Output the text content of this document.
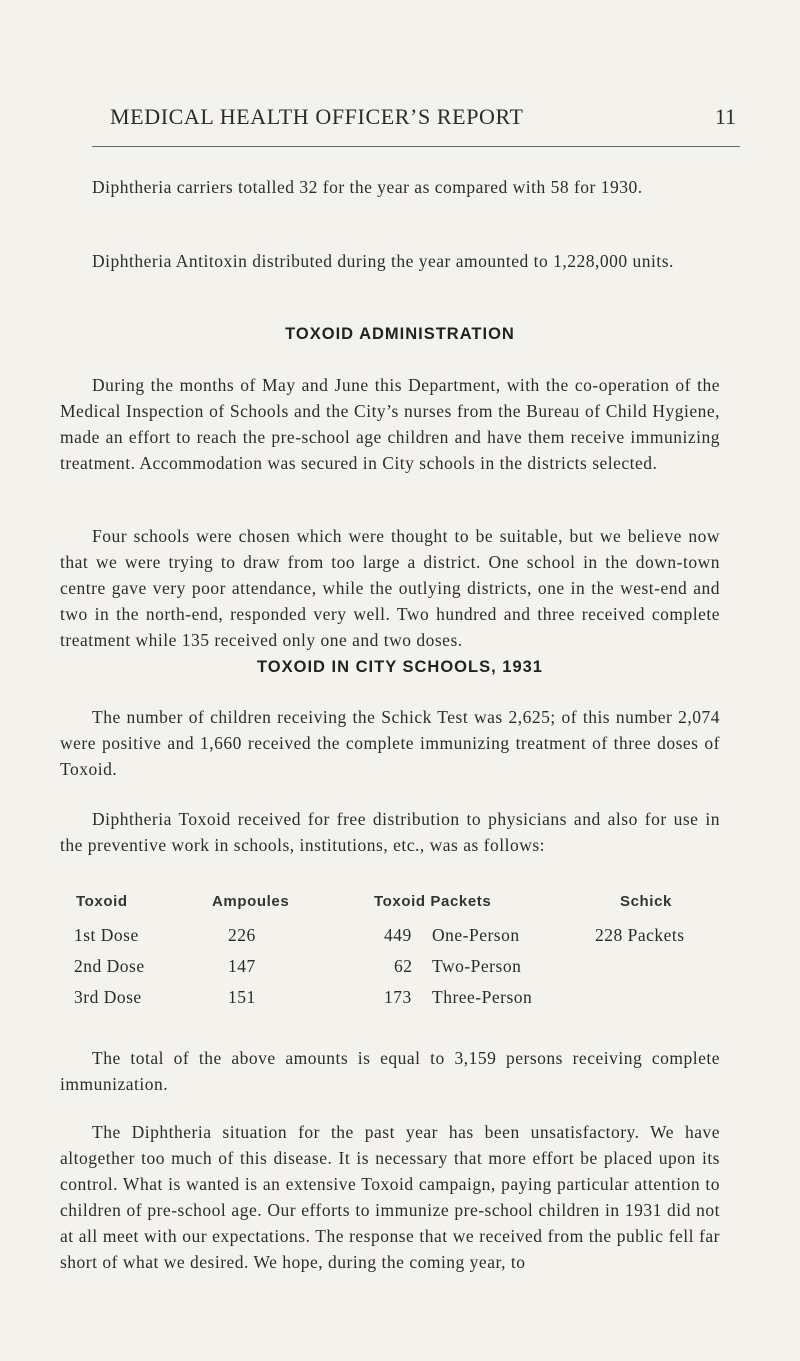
MEDICAL HEALTH OFFICER’S REPORT	11

Diphtheria carriers totalled 32 for the year as compared with 58 for 1930.

Diphtheria Antitoxin distributed during the year amounted to 1,228,000 units.

TOXOID ADMINISTRATION

During the months of May and June this Department, with the co-operation of the Medical Inspection of Schools and the City’s nurses from the Bureau of Child Hygiene, made an effort to reach the pre-school age children and have them receive immunizing treatment. Accommodation was secured in City schools in the districts selected.

Four schools were chosen which were thought to be suitable, but we believe now that we were trying to draw from too large a district. One school in the down-town centre gave very poor attendance, while the outlying districts, one in the west-end and two in the north-end, responded very well. Two hundred and three received complete treatment while 135 received only one and two doses.

TOXOID IN CITY SCHOOLS, 1931

The number of children receiving the Schick Test was 2,625; of this number 2,074 were positive and 1,660 received the complete immunizing treatment of three doses of Toxoid.

Diphtheria Toxoid received for free distribution to physicians and also for use in the preventive work in schools, institutions, etc., was as follows:

Toxoid	Ampoules	Toxoid Packets	Schick
1st Dose	226	449 One-Person	228 Packets
2nd Dose	147	62 Two-Person
3rd Dose	151	173 Three-Person

The total of the above amounts is equal to 3,159 persons receiving complete immunization.

The Diphtheria situation for the past year has been unsatisfactory. We have altogether too much of this disease. It is necessary that more effort be placed upon its control. What is wanted is an extensive Toxoid campaign, paying particular attention to children of pre-school age. Our efforts to immunize pre-school children in 1931 did not at all meet with our expectations. The response that we received from the public fell far short of what we desired. We hope, during the coming year, to
